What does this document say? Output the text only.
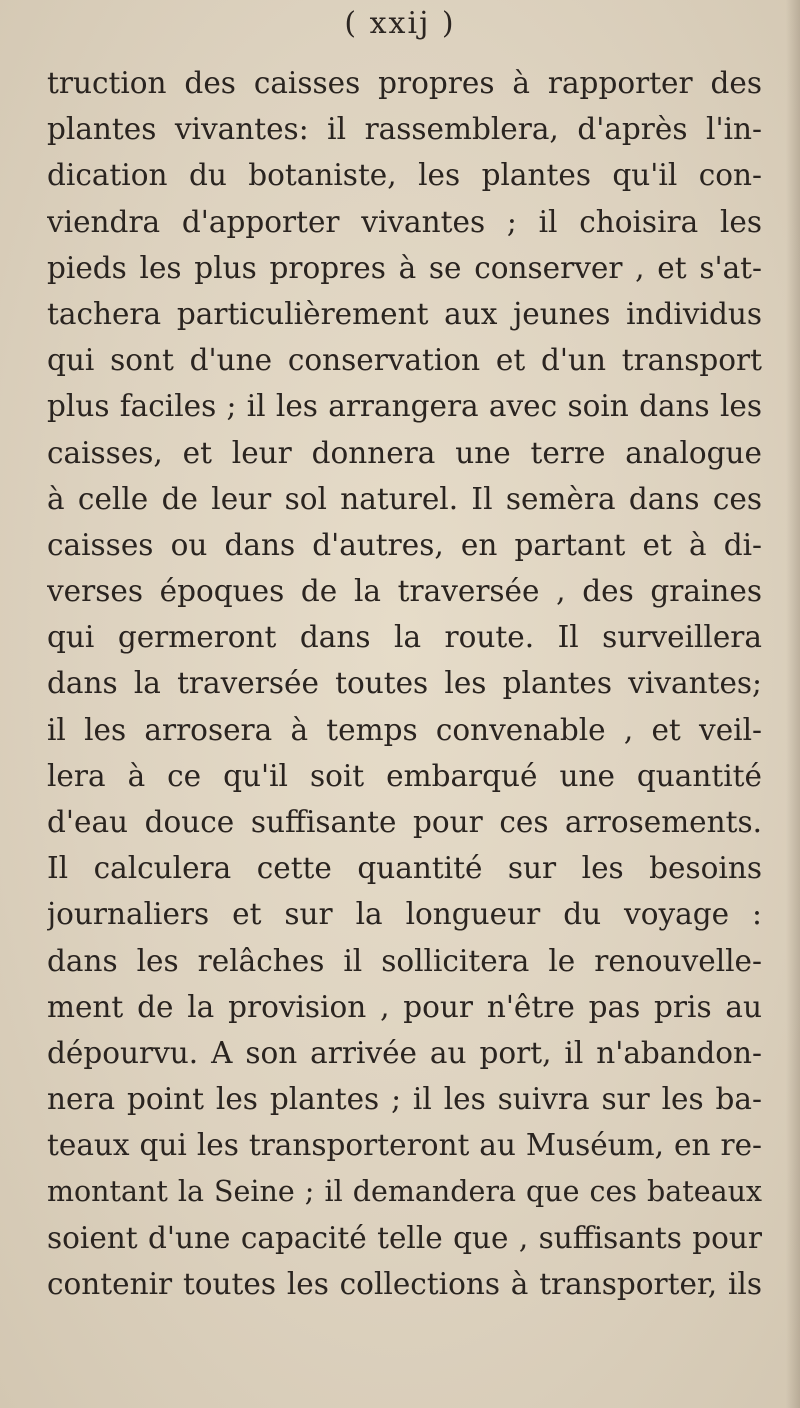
( xxij )
truction des caisses propres à rapporter des
plantes vivantes: il rassemblera, d'après l'in-
dication du botaniste, les plantes qu'il con-
viendra d'apporter vivantes ; il choisira les
pieds les plus propres à se conserver , et s'at-
tachera particulièrement aux jeunes individus
qui sont d'une conservation et d'un transport
plus faciles ; il les arrangera avec soin dans les
caisses, et leur donnera une terre analogue
à celle de leur sol naturel. Il semèra dans ces
caisses ou dans d'autres, en partant et à di-
verses époques de la traversée , des graines
qui germeront dans la route. Il surveillera
dans la traversée toutes les plantes vivantes;
il les arrosera à temps convenable , et veil-
lera à ce qu'il soit embarqué une quantité
d'eau douce suffisante pour ces arrosements.
Il calculera cette quantité sur les besoins
journaliers et sur la longueur du voyage :
dans les relâches il sollicitera le renouvelle-
ment de la provision , pour n'être pas pris au
dépourvu. A son arrivée au port, il n'abandon-
nera point les plantes ; il les suivra sur les ba-
teaux qui les transporteront au Muséum, en re-
montant la Seine ; il demandera que ces bateaux
soient d'une capacité telle que , suffisants pour
contenir toutes les collections à transporter, ils
